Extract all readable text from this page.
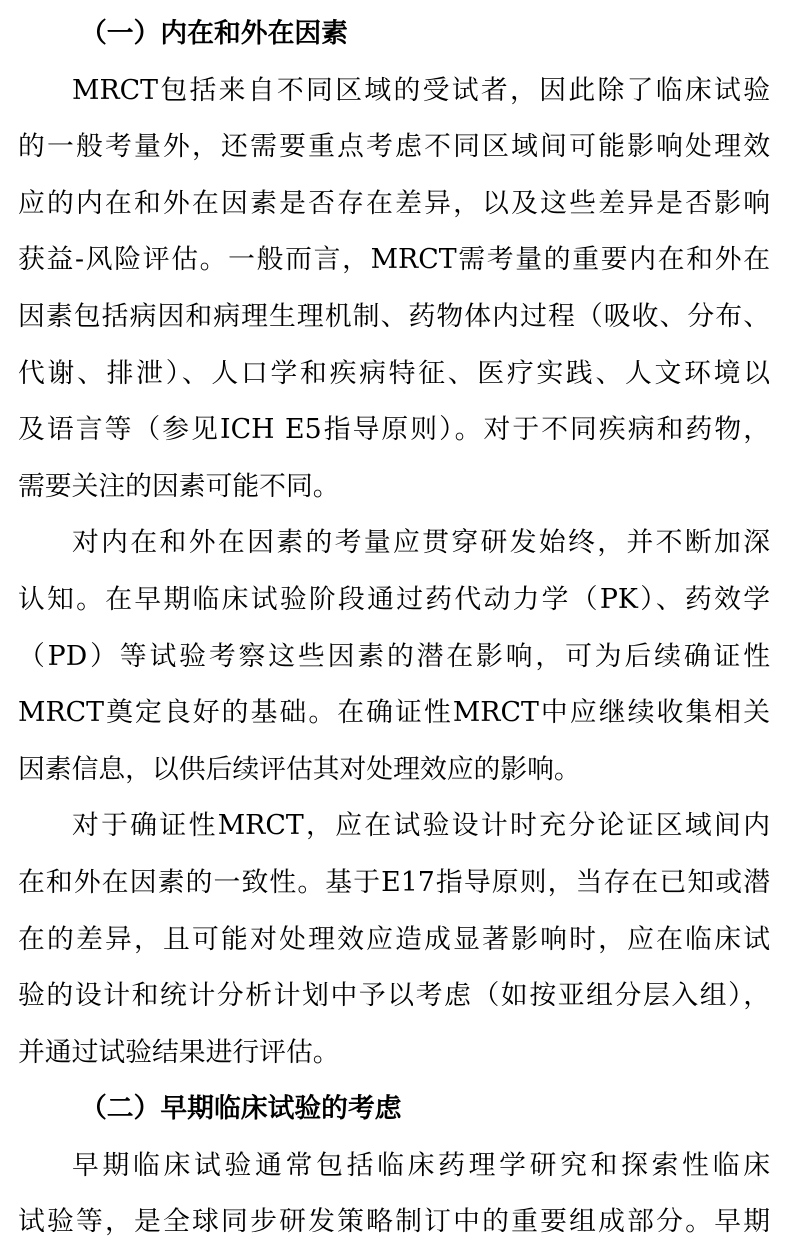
（一）内在和外在因素
MRCT包括来自不同区域的受试者，因此除了临床试验
的一般考量外，还需要重点考虑不同区域间可能影响处理效
应的内在和外在因素是否存在差异，以及这些差异是否影响
获益-风险评估。一般而言，MRCT需考量的重要内在和外在
因素包括病因和病理生理机制、药物体内过程（吸收、分布、
代谢、排泄）、人口学和疾病特征、医疗实践、人文环境以
及语言等（参见ICH E5指导原则）。对于不同疾病和药物，
需要关注的因素可能不同。
对内在和外在因素的考量应贯穿研发始终，并不断加深
认知。在早期临床试验阶段通过药代动力学（PK）、药效学
（PD）等试验考察这些因素的潜在影响，可为后续确证性
MRCT奠定良好的基础。在确证性MRCT中应继续收集相关
因素信息，以供后续评估其对处理效应的影响。
对于确证性MRCT，应在试验设计时充分论证区域间内
在和外在因素的一致性。基于E17指导原则，当存在已知或潜
在的差异，且可能对处理效应造成显著影响时，应在临床试
验的设计和统计分析计划中予以考虑（如按亚组分层入组），
并通过试验结果进行评估。
（二）早期临床试验的考虑
早期临床试验通常包括临床药理学研究和探索性临床
试验等，是全球同步研发策略制订中的重要组成部分。早期
